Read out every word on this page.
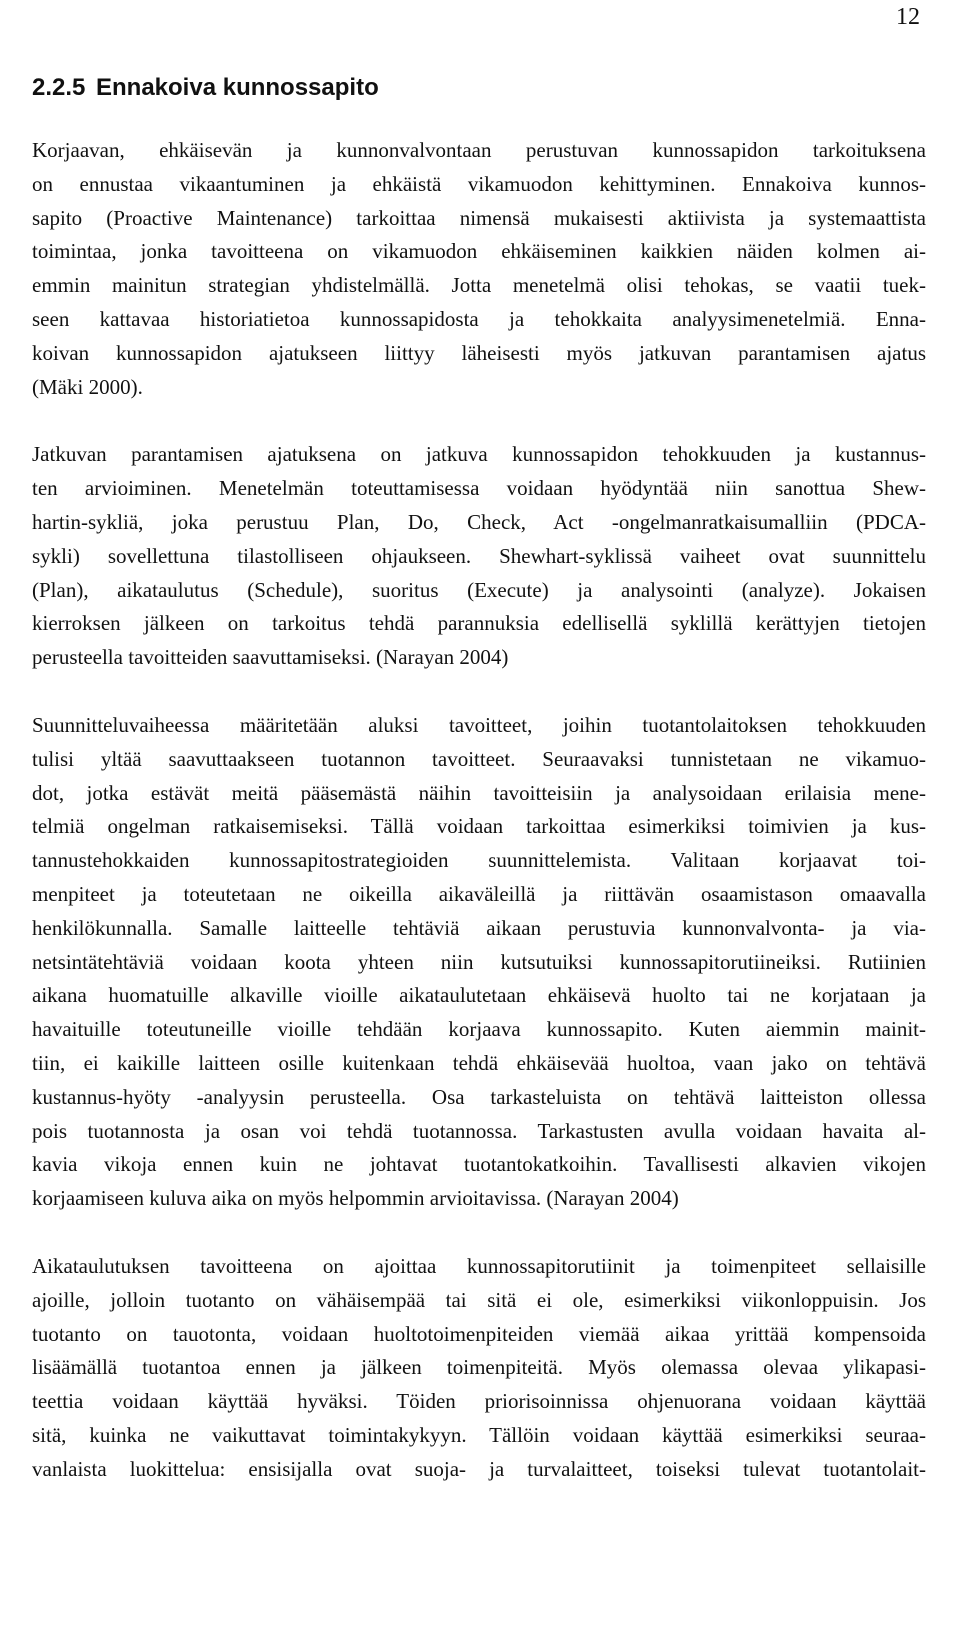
12
2.2.5 Ennakoiva kunnossapito
Korjaavan, ehkäisevän ja kunnonvalvontaan perustuvan kunnossapidon tarkoituksena
on ennustaa vikaantuminen ja ehkäistä vikamuodon kehittyminen. Ennakoiva kunnos-
sapito (Proactive Maintenance) tarkoittaa nimensä mukaisesti aktiivista ja systemaattista
toimintaa, jonka tavoitteena on vikamuodon ehkäiseminen kaikkien näiden kolmen ai-
emmin mainitun strategian yhdistelmällä. Jotta menetelmä olisi tehokas, se vaatii tuek-
seen kattavaa historiatietoa kunnossapidosta ja tehokkaita analyysimenetelmiä. Enna-
koivan kunnossapidon ajatukseen liittyy läheisesti myös jatkuvan parantamisen ajatus
(Mäki 2000).
Jatkuvan parantamisen ajatuksena on jatkuva kunnossapidon tehokkuuden ja kustannus-
ten arvioiminen. Menetelmän toteuttamisessa voidaan hyödyntää niin sanottua Shew-
hartin-sykliä, joka perustuu Plan, Do, Check, Act -ongelmanratkaisumalliin (PDCA-
sykli) sovellettuna tilastolliseen ohjaukseen. Shewhart-syklissä vaiheet ovat suunnittelu
(Plan), aikataulutus (Schedule), suoritus (Execute) ja analysointi (analyze). Jokaisen
kierroksen jälkeen on tarkoitus tehdä parannuksia edellisellä syklillä kerättyjen tietojen
perusteella tavoitteiden saavuttamiseksi. (Narayan 2004)
Suunnitteluvaiheessa määritetään aluksi tavoitteet, joihin tuotantolaitoksen tehokkuuden
tulisi yltää saavuttaakseen tuotannon tavoitteet. Seuraavaksi tunnistetaan ne vikamuo-
dot, jotka estävät meitä pääsemästä näihin tavoitteisiin ja analysoidaan erilaisia mene-
telmiä ongelman ratkaisemiseksi. Tällä voidaan tarkoittaa esimerkiksi toimivien ja kus-
tannustehokkaiden kunnossapitostrategioiden suunnittelemista. Valitaan korjaavat toi-
menpiteet ja toteutetaan ne oikeilla aikaväleillä ja riittävän osaamistason omaavalla
henkilökunnalla. Samalle laitteelle tehtäviä aikaan perustuvia kunnonvalvonta- ja via-
netsintätehtäviä voidaan koota yhteen niin kutsutuiksi kunnossapitorutiineiksi. Rutiinien
aikana huomatuille alkaville vioille aikataulutetaan ehkäisevä huolto tai ne korjataan ja
havaituille toteutuneille vioille tehdään korjaava kunnossapito. Kuten aiemmin mainit-
tiin, ei kaikille laitteen osille kuitenkaan tehdä ehkäisevää huoltoa, vaan jako on tehtävä
kustannus-hyöty -analyysin perusteella. Osa tarkasteluista on tehtävä laitteiston ollessa
pois tuotannosta ja osan voi tehdä tuotannossa. Tarkastusten avulla voidaan havaita al-
kavia vikoja ennen kuin ne johtavat tuotantokatkoihin. Tavallisesti alkavien vikojen
korjaamiseen kuluva aika on myös helpommin arvioitavissa. (Narayan 2004)
Aikataulutuksen tavoitteena on ajoittaa kunnossapitorutiinit ja toimenpiteet sellaisille
ajoille, jolloin tuotanto on vähäisempää tai sitä ei ole, esimerkiksi viikonloppuisin. Jos
tuotanto on tauotonta, voidaan huoltotoimenpiteiden viemää aikaa yrittää kompensoida
lisäämällä tuotantoa ennen ja jälkeen toimenpiteitä. Myös olemassa olevaa ylikapasi-
teettia voidaan käyttää hyväksi. Töiden priorisoinnissa ohjenuorana voidaan käyttää
sitä, kuinka ne vaikuttavat toimintakykyyn. Tällöin voidaan käyttää esimerkiksi seuraa-
vanlaista luokittelua: ensisijalla ovat suoja- ja turvalaitteet, toiseksi tulevat tuotantolait-
